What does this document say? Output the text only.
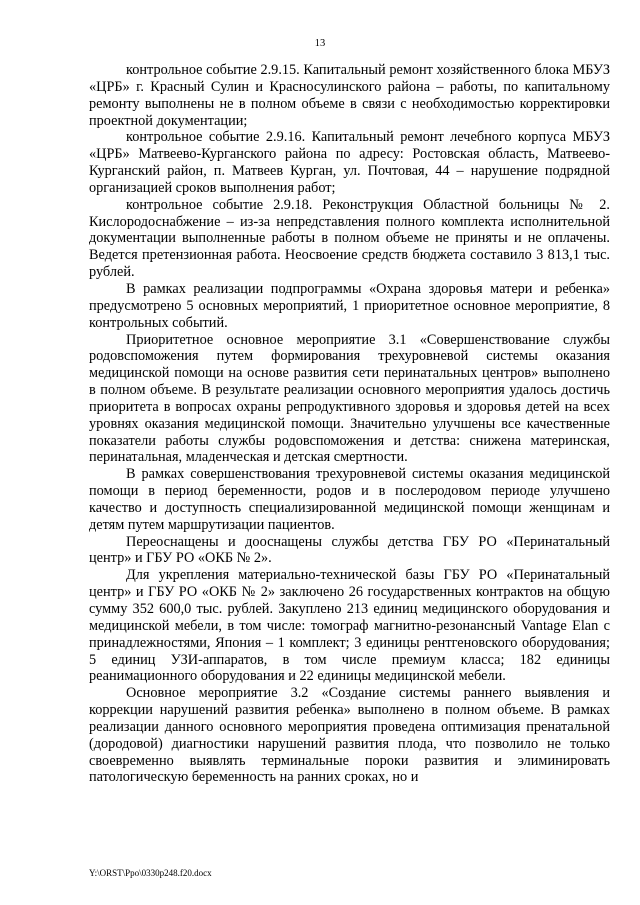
13

контрольное событие 2.9.15. Капитальный ремонт хозяйственного блока МБУЗ «ЦРБ» г. Красный Сулин и Красносулинского района – работы, по капитальному ремонту выполнены не в полном объеме в связи с необходимостью корректировки проектной документации;

контрольное событие 2.9.16. Капитальный ремонт лечебного корпуса МБУЗ «ЦРБ» Матвеево-Курганского района по адресу: Ростовская область, Матвеево-Курганский район, п. Матвеев Курган, ул. Почтовая, 44 – нарушение подрядной организацией сроков выполнения работ;

контрольное событие 2.9.18. Реконструкция Областной больницы № 2. Кислородоснабжение – из-за непредставления полного комплекта исполнительной документации выполненные работы в полном объеме не приняты и не оплачены. Ведется претензионная работа. Неосвоение средств бюджета составило 3 813,1 тыс. рублей.

В рамках реализации подпрограммы «Охрана здоровья матери и ребенка» предусмотрено 5 основных мероприятий, 1 приоритетное основное мероприятие, 8 контрольных событий.

Приоритетное основное мероприятие 3.1 «Совершенствование службы родовспоможения путем формирования трехуровневой системы оказания медицинской помощи на основе развития сети перинатальных центров» выполнено в полном объеме. В результате реализации основного мероприятия удалось достичь приоритета в вопросах охраны репродуктивного здоровья и здоровья детей на всех уровнях оказания медицинской помощи. Значительно улучшены все качественные показатели работы службы родовспоможения и детства: снижена материнская, перинатальная, младенческая и детская смертности.

В рамках совершенствования трехуровневой системы оказания медицинской помощи в период беременности, родов и в послеродовом периоде улучшено качество и доступность специализированной медицинской помощи женщинам и детям путем маршрутизации пациентов.

Переоснащены и дооснащены службы детства ГБУ РО «Перинатальный центр» и ГБУ РО «ОКБ № 2».

Для укрепления материально-технической базы ГБУ РО «Перинатальный центр» и ГБУ РО «ОКБ № 2» заключено 26 государственных контрактов на общую сумму 352 600,0 тыс. рублей. Закуплено 213 единиц медицинского оборудования и медицинской мебели, в том числе: томограф магнитно-резонансный Vantage Elan с принадлежностями, Япония – 1 комплект; 3 единицы рентгеновского оборудования; 5 единиц УЗИ-аппаратов, в том числе премиум класса; 182 единицы реанимационного оборудования и 22 единицы медицинской мебели.

Основное мероприятие 3.2 «Создание системы раннего выявления и коррекции нарушений развития ребенка» выполнено в полном объеме. В рамках реализации данного основного мероприятия проведена оптимизация пренатальной (дородовой) диагностики нарушений развития плода, что позволило не только своевременно выявлять терминальные пороки развития и элиминировать патологическую беременность на ранних сроках, но и

Y:\ORST\Ppo\0330p248.f20.docx
